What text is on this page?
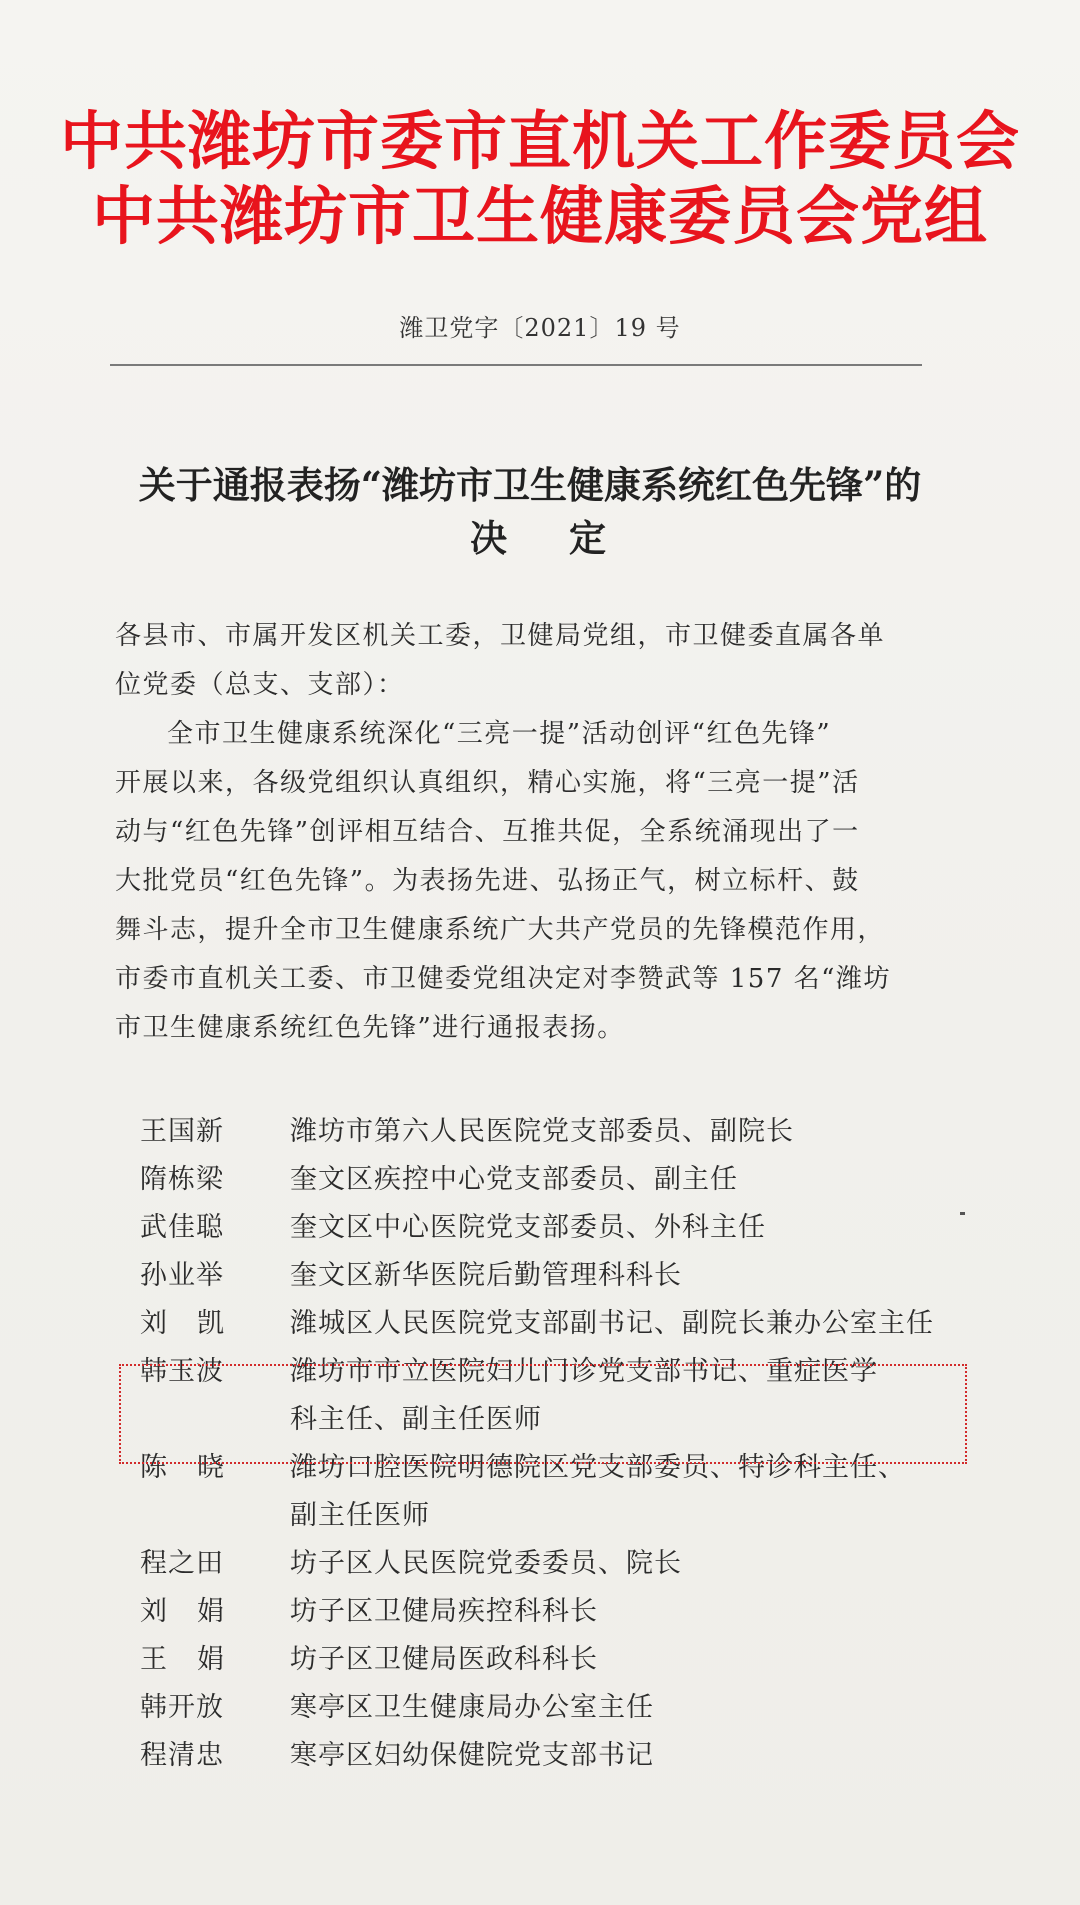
中共潍坊市委市直机关工作委员会
中共潍坊市卫生健康委员会党组
潍卫党字〔2021〕19 号
关于通报表扬“潍坊市卫生健康系统红色先锋”的
决定
各县市、市属开发区机关工委，卫健局党组，市卫健委直属各单
位党委（总支、支部）：
全市卫生健康系统深化“三亮一提”活动创评“红色先锋”
开展以来，各级党组织认真组织，精心实施，将“三亮一提”活
动与“红色先锋”创评相互结合、互推共促，全系统涌现出了一
大批党员“红色先锋”。为表扬先进、弘扬正气，树立标杆、鼓
舞斗志，提升全市卫生健康系统广大共产党员的先锋模范作用，
市委市直机关工委、市卫健委党组决定对李赞武等 157 名“潍坊
市卫生健康系统红色先锋”进行通报表扬。
王国新	潍坊市第六人民医院党支部委员、副院长
隋栋梁	奎文区疾控中心党支部委员、副主任
武佳聪	奎文区中心医院党支部委员、外科主任
孙业举	奎文区新华医院后勤管理科科长
刘凯	潍城区人民医院党支部副书记、副院长兼办公室主任
韩玉波	潍坊市市立医院妇儿门诊党支部书记、重症医学
科主任、副主任医师
陈晓	潍坊口腔医院明德院区党支部委员、特诊科主任、
副主任医师
程之田	坊子区人民医院党委委员、院长
刘娟	坊子区卫健局疾控科科长
王娟	坊子区卫健局医政科科长
韩开放	寒亭区卫生健康局办公室主任
程清忠	寒亭区妇幼保健院党支部书记
